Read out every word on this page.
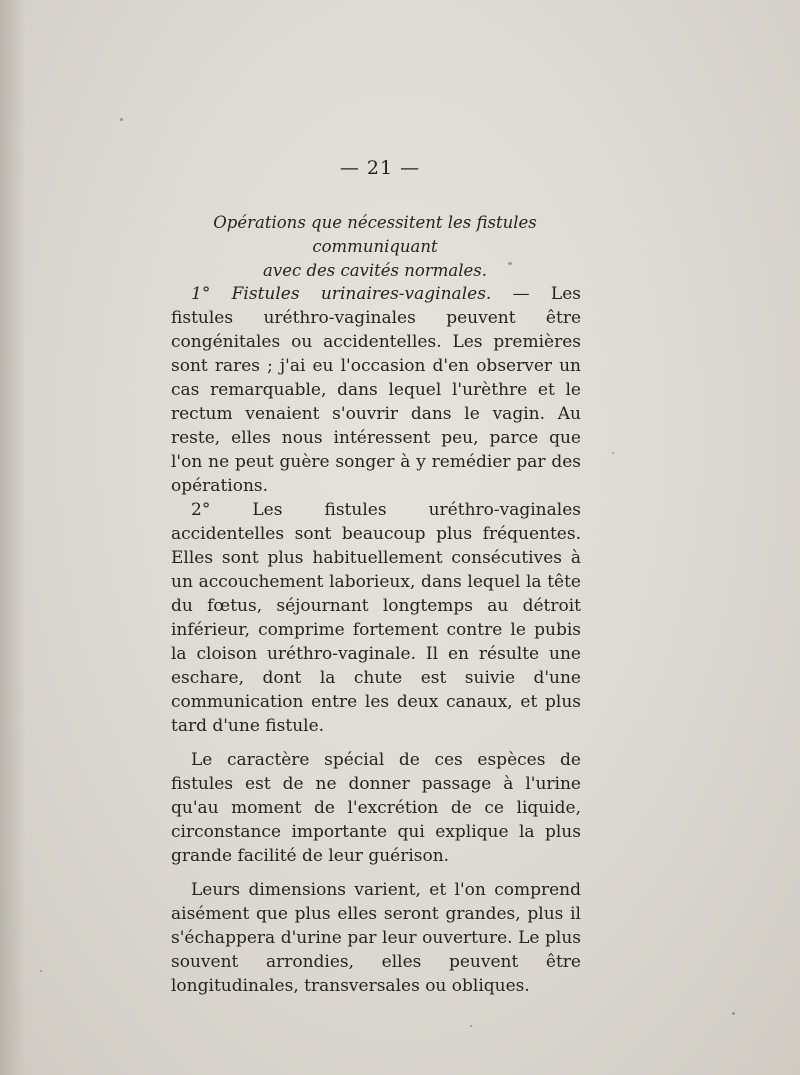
— 21 —
Opérations que nécessitent les fistules communiquant
avec des cavités normales.

1° Fistules urinaires-vaginales. — Les fistules uréthro-vaginales peuvent être congénitales ou accidentelles. Les premières sont rares ; j'ai eu l'occasion d'en observer un cas remarquable, dans lequel l'urèthre et le rectum venaient s'ouvrir dans le vagin. Au reste, elles nous intéressent peu, parce que l'on ne peut guère songer à y remédier par des opérations.

2° Les fistules uréthro-vaginales accidentelles sont beaucoup plus fréquentes. Elles sont plus habituellement consécutives à un accouchement laborieux, dans lequel la tête du fœtus, séjournant longtemps au détroit inférieur, comprime fortement contre le pubis la cloison uréthro-vaginale. Il en résulte une eschare, dont la chute est suivie d'une communication entre les deux canaux, et plus tard d'une fistule.

Le caractère spécial de ces espèces de fistules est de ne donner passage à l'urine qu'au moment de l'excrétion de ce liquide, circonstance importante qui explique la plus grande facilité de leur guérison.

Leurs dimensions varient, et l'on comprend aisément que plus elles seront grandes, plus il s'échappera d'urine par leur ouverture. Le plus souvent arrondies, elles peuvent être longitudinales, transversales ou obliques.
